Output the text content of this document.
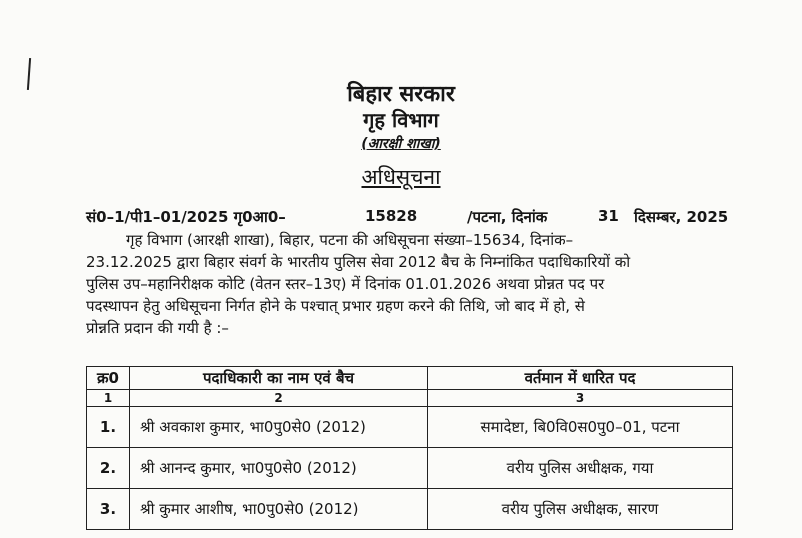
बिहार सरकार
गृह विभाग
(आरक्षी शाखा)
अधिसूचना
सं0–1/पी1–01/2025 गृ0आ0–	15828	/पटना, दिनांक	31 दिसम्बर, 2025
गृह विभाग (आरक्षी शाखा), बिहार, पटना की अधिसूचना संख्या–15634, दिनांक–
23.12.2025 द्वारा बिहार संवर्ग के भारतीय पुलिस सेवा 2012 बैच के निम्नांकित पदाधिकारियों को
पुलिस उप–महानिरीक्षक कोटि (वेतन स्तर–13ए) में दिनांक 01.01.2026 अथवा प्रोन्नत पद पर
पदस्थापन हेतु अधिसूचना निर्गत होने के पश्चात् प्रभार ग्रहण करने की तिथि, जो बाद में हो, से
प्रोन्नति प्रदान की गयी है :–
क्र0	पदाधिकारी का नाम एवं बैच	वर्तमान में धारित पद
1	2	3
1.	श्री अवकाश कुमार, भा0पु0से0 (2012)	समादेष्टा, बि0वि0स0पु0–01, पटना
2.	श्री आनन्द कुमार, भा0पु0से0 (2012)	वरीय पुलिस अधीक्षक, गया
3.	श्री कुमार आशीष, भा0पु0से0 (2012)	वरीय पुलिस अधीक्षक, सारण
